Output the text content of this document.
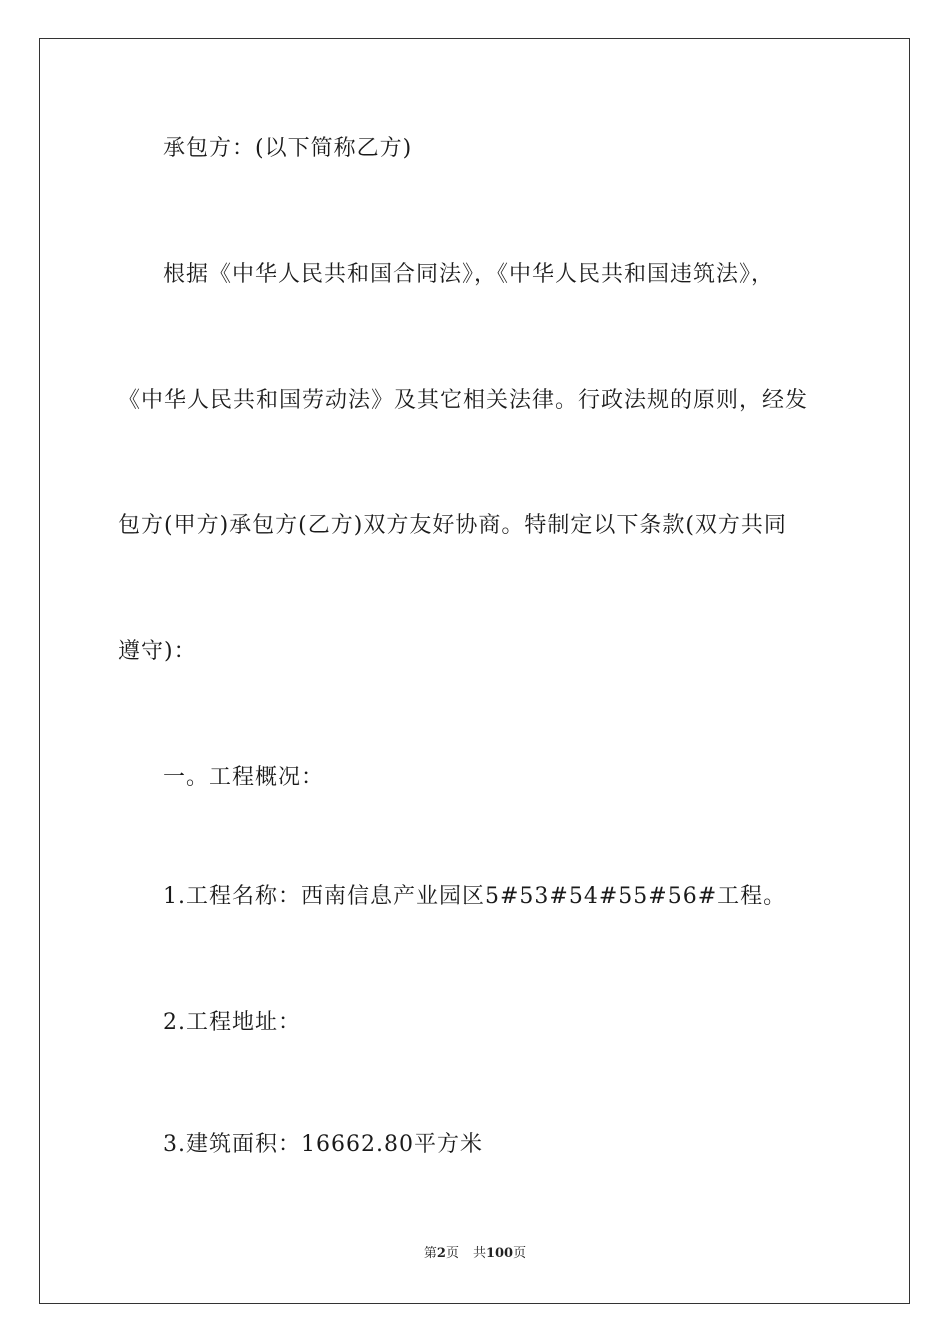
承包方：(以下简称乙方)
根据《中华人民共和国合同法》，《中华人民共和国违筑法》，
《中华人民共和国劳动法》及其它相关法律。行政法规的原则，经发
包方(甲方)承包方(乙方)双方友好协商。特制定以下条款(双方共同
遵守)：
一。工程概况：
1.工程名称：西南信息产业园区5#53#54#55#56#工程。
2.工程地址：
3.建筑面积：16662.80平方米
第2页 共100页
